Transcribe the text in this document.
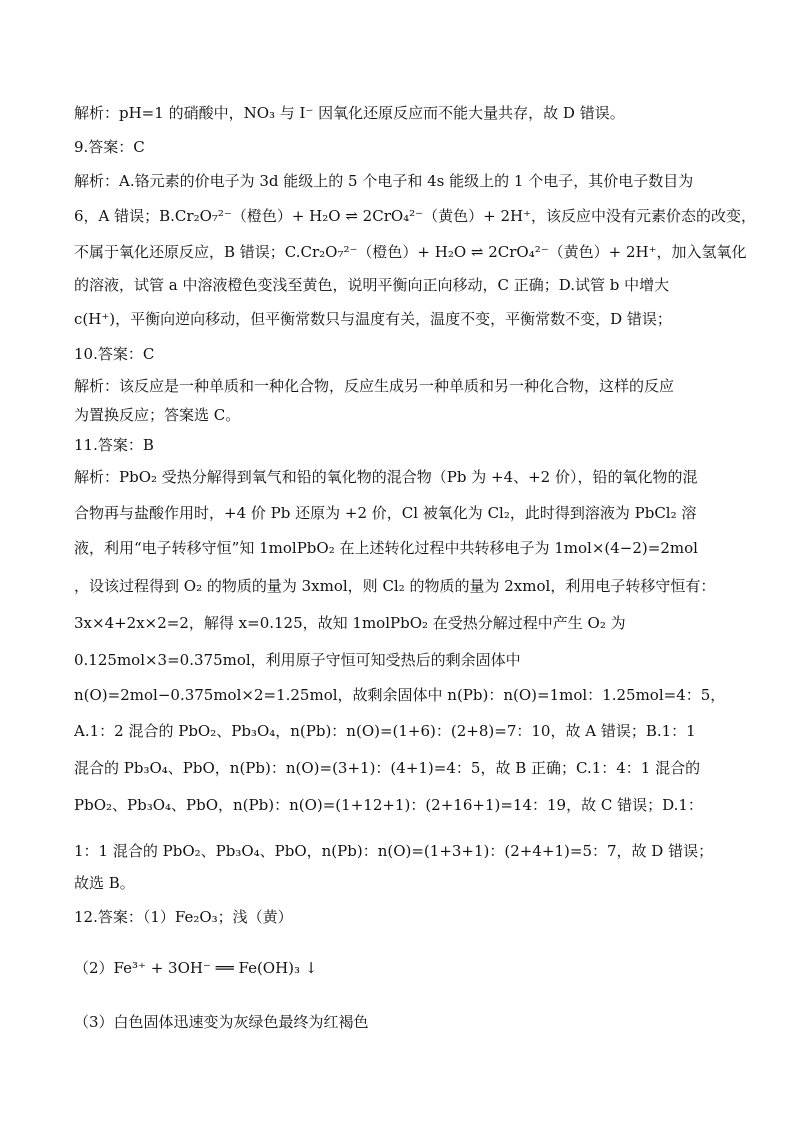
解析：pH=1 的硝酸中，NO₃ 与 I⁻ 因氧化还原反应而不能大量共存，故 D 错误。
9.答案：C
解析：A.铬元素的价电子为 3d 能级上的 5 个电子和 4s 能级上的 1 个电子，其价电子数目为
6，A 错误；B.Cr₂O₇²⁻（橙色）+ H₂O ⇌ 2CrO₄²⁻（黄色）+ 2H⁺，该反应中没有元素价态的改变，
不属于氧化还原反应，B 错误；C.Cr₂O₇²⁻（橙色）+ H₂O ⇌ 2CrO₄²⁻（黄色）+ 2H⁺，加入氢氧化
的溶液，试管 a 中溶液橙色变浅至黄色，说明平衡向正向移动，C 正确；D.试管 b 中增大
c(H⁺)，平衡向逆向移动，但平衡常数只与温度有关，温度不变，平衡常数不变，D 错误；
10.答案：C
解析：该反应是一种单质和一种化合物，反应生成另一种单质和另一种化合物，这样的反应
为置换反应；答案选 C。
11.答案：B
解析：PbO₂ 受热分解得到氧气和铅的氧化物的混合物（Pb 为 +4、+2 价），铅的氧化物的混
合物再与盐酸作用时，+4 价 Pb 还原为 +2 价，Cl 被氧化为 Cl₂，此时得到溶液为 PbCl₂ 溶
液，利用“电子转移守恒”知 1molPbO₂ 在上述转化过程中共转移电子为 1mol×(4−2)=2mol
，设该过程得到 O₂ 的物质的量为 3xmol，则 Cl₂ 的物质的量为 2xmol，利用电子转移守恒有：
3x×4+2x×2=2，解得 x=0.125，故知 1molPbO₂ 在受热分解过程中产生 O₂ 为
0.125mol×3=0.375mol，利用原子守恒可知受热后的剩余固体中
n(O)=2mol−0.375mol×2=1.25mol，故剩余固体中 n(Pb)：n(O)=1mol：1.25mol=4：5，
A.1：2 混合的 PbO₂、Pb₃O₄，n(Pb)：n(O)=(1+6)：(2+8)=7：10，故 A 错误；B.1：1
混合的 Pb₃O₄、PbO，n(Pb)：n(O)=(3+1)：(4+1)=4：5，故 B 正确；C.1：4：1 混合的
PbO₂、Pb₃O₄、PbO，n(Pb)：n(O)=(1+12+1)：(2+16+1)=14：19，故 C 错误；D.1：
1：1 混合的 PbO₂、Pb₃O₄、PbO，n(Pb)：n(O)=(1+3+1)：(2+4+1)=5：7，故 D 错误；
故选 B。
12.答案：（1）Fe₂O₃；浅（黄）
（2）Fe³⁺ + 3OH⁻ ══ Fe(OH)₃ ↓
（3）白色固体迅速变为灰绿色最终为红褐色
